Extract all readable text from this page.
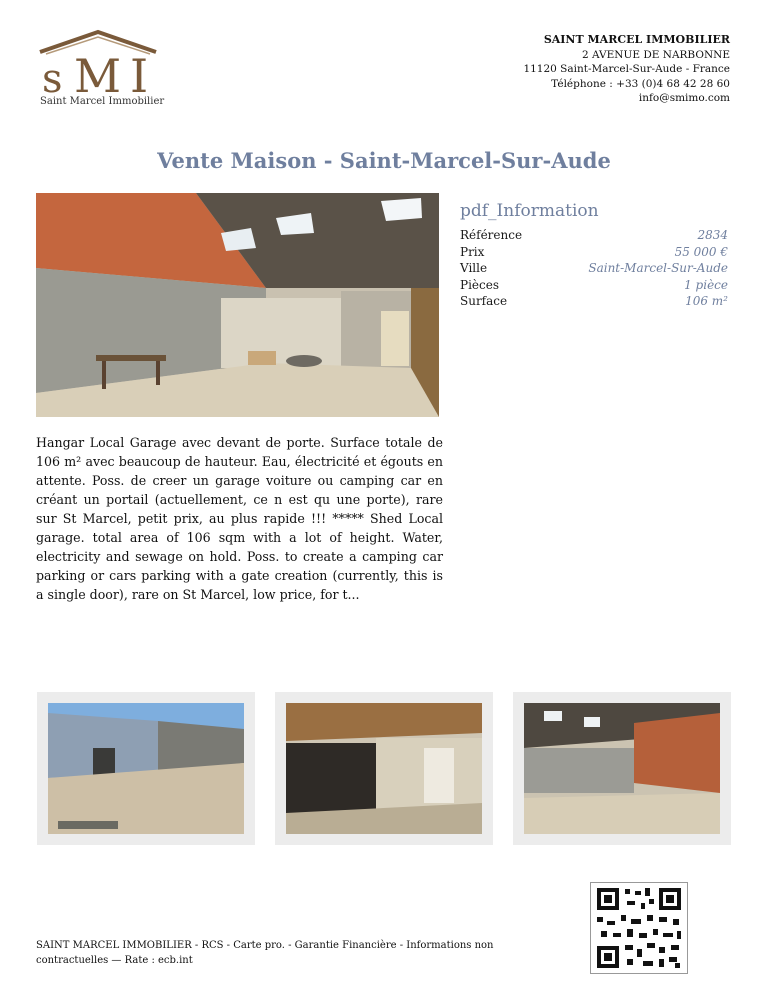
s M I
Saint Marcel Immobilier
SAINT MARCEL IMMOBILIER
2 AVENUE DE NARBONNE
11120 Saint-Marcel-Sur-Aude - France
Téléphone : +33 (0)4 68 42 28 60
info@smimo.com
Vente Maison - Saint-Marcel-Sur-Aude
pdf_Information
Référence	2834
Prix	55 000 €
Ville	Saint-Marcel-Sur-Aude
Pièces	1 pièce
Surface	106 m²
Hangar Local Garage avec devant de porte. Surface totale de 106 m² avec beaucoup de hauteur. Eau, électricité et égouts en attente. Poss. de creer un garage voiture ou camping car en créant un portail (actuellement, ce n est qu une porte), rare sur St Marcel, petit prix, au plus rapide !!! ***** Shed Local garage. total area of 106 sqm with a lot of height. Water, electricity and sewage on hold. Poss. to create a camping car parking or cars parking with a gate creation (currently, this is a single door), rare on St Marcel, low price, for t...
SAINT MARCEL IMMOBILIER - RCS - Carte pro. - Garantie Financière - Informations non contractuelles — Rate : ecb.int
